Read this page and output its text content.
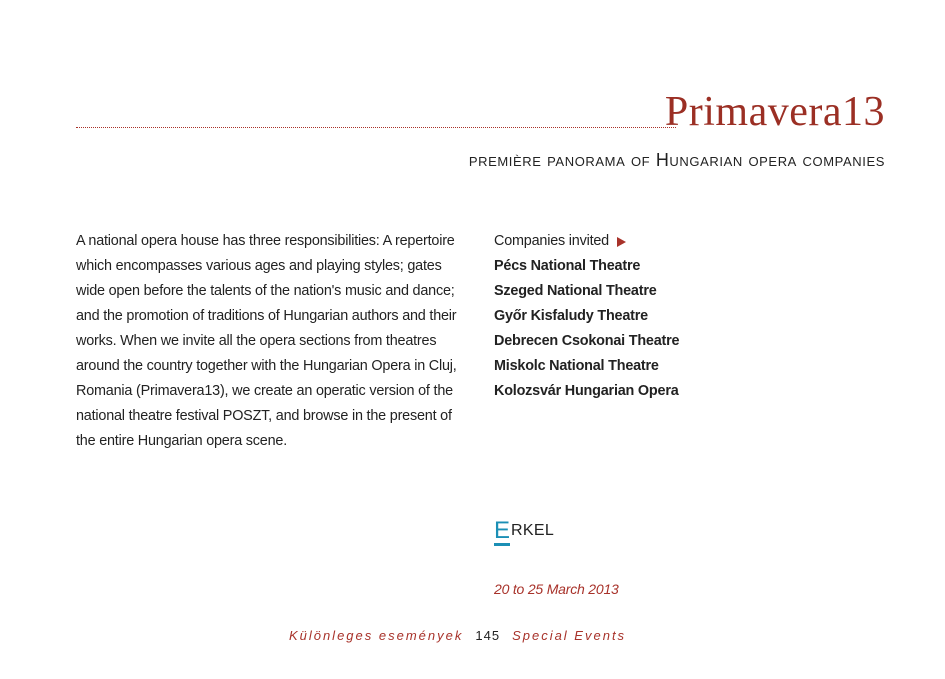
Primavera13
première panorama of Hungarian opera companies

A national opera house has three responsibilities: A repertoire which encompasses various ages and playing styles; gates wide open before the talents of the nation's music and dance; and the promotion of traditions of Hungarian authors and their works. When we invite all the opera sections from theatres around the country together with the Hungarian Opera in Cluj, Romania (Primavera13), we create an operatic version of the national theatre festival POSZT, and browse in the present of the entire Hungarian opera scene.

Companies invited
Pécs National Theatre
Szeged National Theatre
Győr Kisfaludy Theatre
Debrecen Csokonai Theatre
Miskolc National Theatre
Kolozsvár Hungarian Opera
E RKEL
20 to 25 March 2013
Különleges események 145 Special Events
